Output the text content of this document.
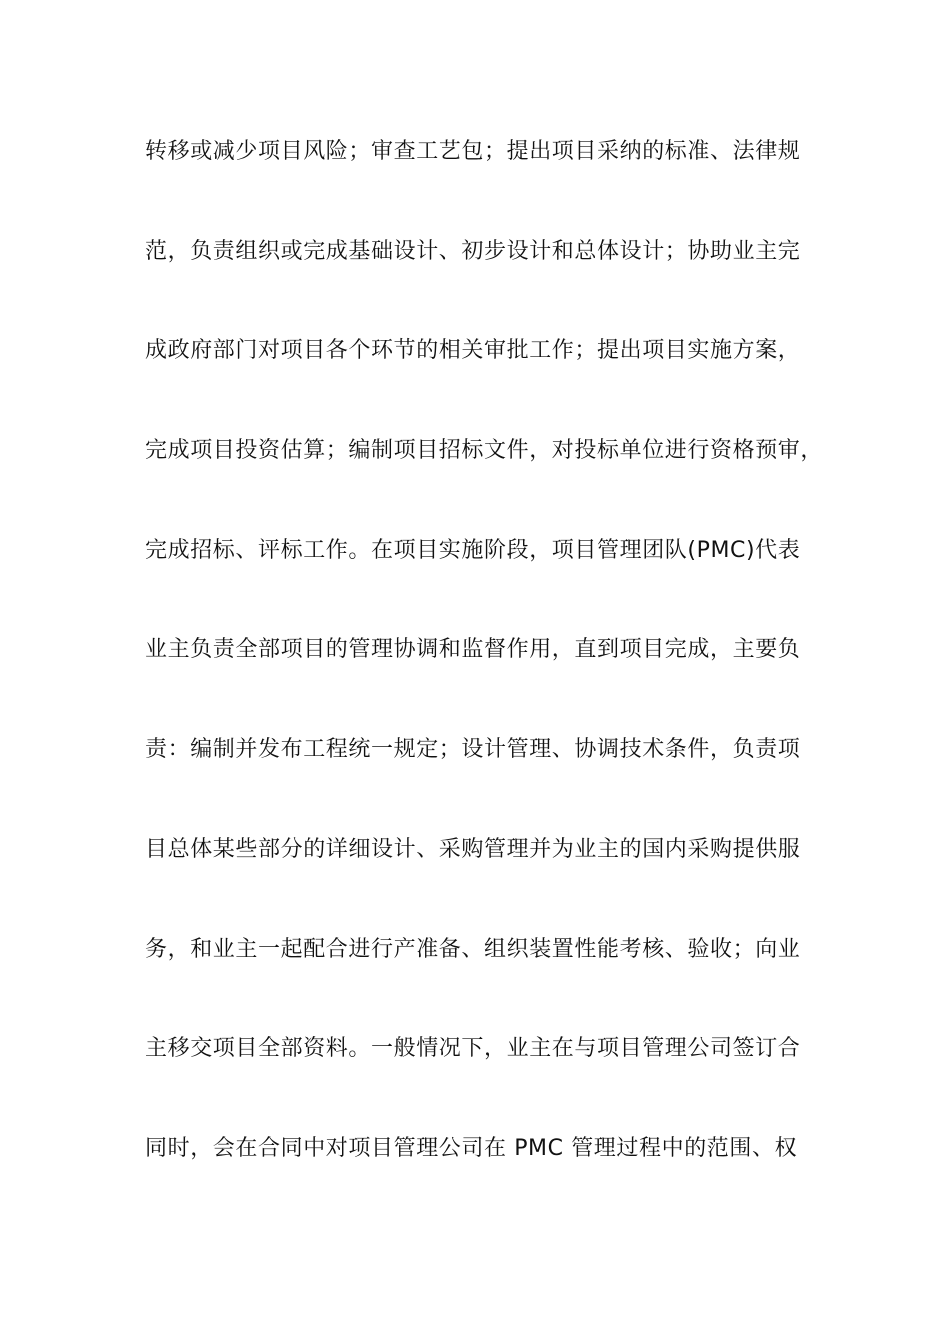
转移或减少项目风险；审查工艺包；提出项目采纳的标准、法律规
范，负责组织或完成基础设计、初步设计和总体设计；协助业主完
成政府部门对项目各个环节的相关审批工作；提出项目实施方案，
完成项目投资估算；编制项目招标文件，对投标单位进行资格预审，
完成招标、评标工作。在项目实施阶段，项目管理团队(PMC)代表
业主负责全部项目的管理协调和监督作用，直到项目完成，主要负
责：编制并发布工程统一规定；设计管理、协调技术条件，负责项
目总体某些部分的详细设计、采购管理并为业主的国内采购提供服
务，和业主一起配合进行产准备、组织装置性能考核、验收；向业
主移交项目全部资料。一般情况下，业主在与项目管理公司签订合
同时，会在合同中对项目管理公司在 PMC 管理过程中的范围、权
